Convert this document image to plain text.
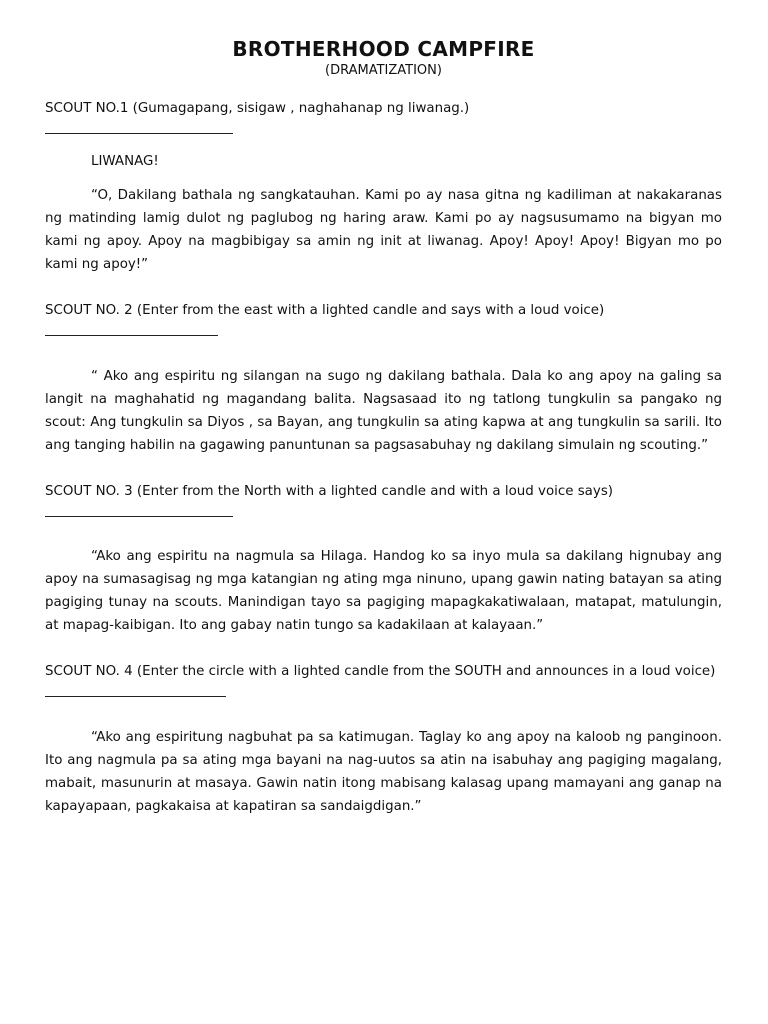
BROTHERHOOD CAMPFIRE
(DRAMATIZATION)

SCOUT NO.1 (Gumagapang, sisigaw , naghahanap ng liwanag.)

LIWANAG!

“O, Dakilang bathala ng sangkatauhan. Kami po ay nasa gitna ng kadiliman at nakakaranas ng matinding lamig dulot ng paglubog ng haring araw. Kami po ay nagsusumamo na bigyan mo kami ng apoy. Apoy na magbibigay sa amin ng init at liwanag. Apoy! Apoy! Apoy! Bigyan mo po kami ng apoy!”

SCOUT NO. 2 (Enter from the east with a lighted candle and says with a loud voice)

“ Ako ang espiritu ng silangan na sugo ng dakilang bathala. Dala ko ang apoy na galing sa langit na maghahatid ng magandang balita. Nagsasaad ito ng tatlong tungkulin sa pangako ng scout: Ang tungkulin sa Diyos , sa Bayan, ang tungkulin sa ating kapwa at ang tungkulin sa sarili. Ito ang tanging habilin na gagawing panuntunan sa pagsasabuhay ng dakilang simulain ng scouting.”

SCOUT NO. 3 (Enter from the North with a lighted candle and with a loud voice says)

“Ako ang espiritu na nagmula sa Hilaga. Handog ko sa inyo mula sa dakilang hignubay ang apoy na sumasagisag ng mga katangian ng ating mga ninuno, upang gawin nating batayan sa ating pagiging tunay na scouts. Manindigan tayo sa pagiging mapagkakatiwalaan, matapat, matulungin, at mapag-kaibigan. Ito ang gabay natin tungo sa kadakilaan at kalayaan.”

SCOUT NO. 4 (Enter the circle with a lighted candle from the SOUTH and announces in a loud voice)

“Ako ang espiritung nagbuhat pa sa katimugan. Taglay ko ang apoy na kaloob ng panginoon. Ito ang nagmula pa sa ating mga bayani na nag-uutos sa atin na isabuhay ang pagiging magalang, mabait, masunurin at masaya. Gawin natin itong mabisang kalasag upang mamayani ang ganap na kapayapaan, pagkakaisa at kapatiran sa sandaigdigan.”
